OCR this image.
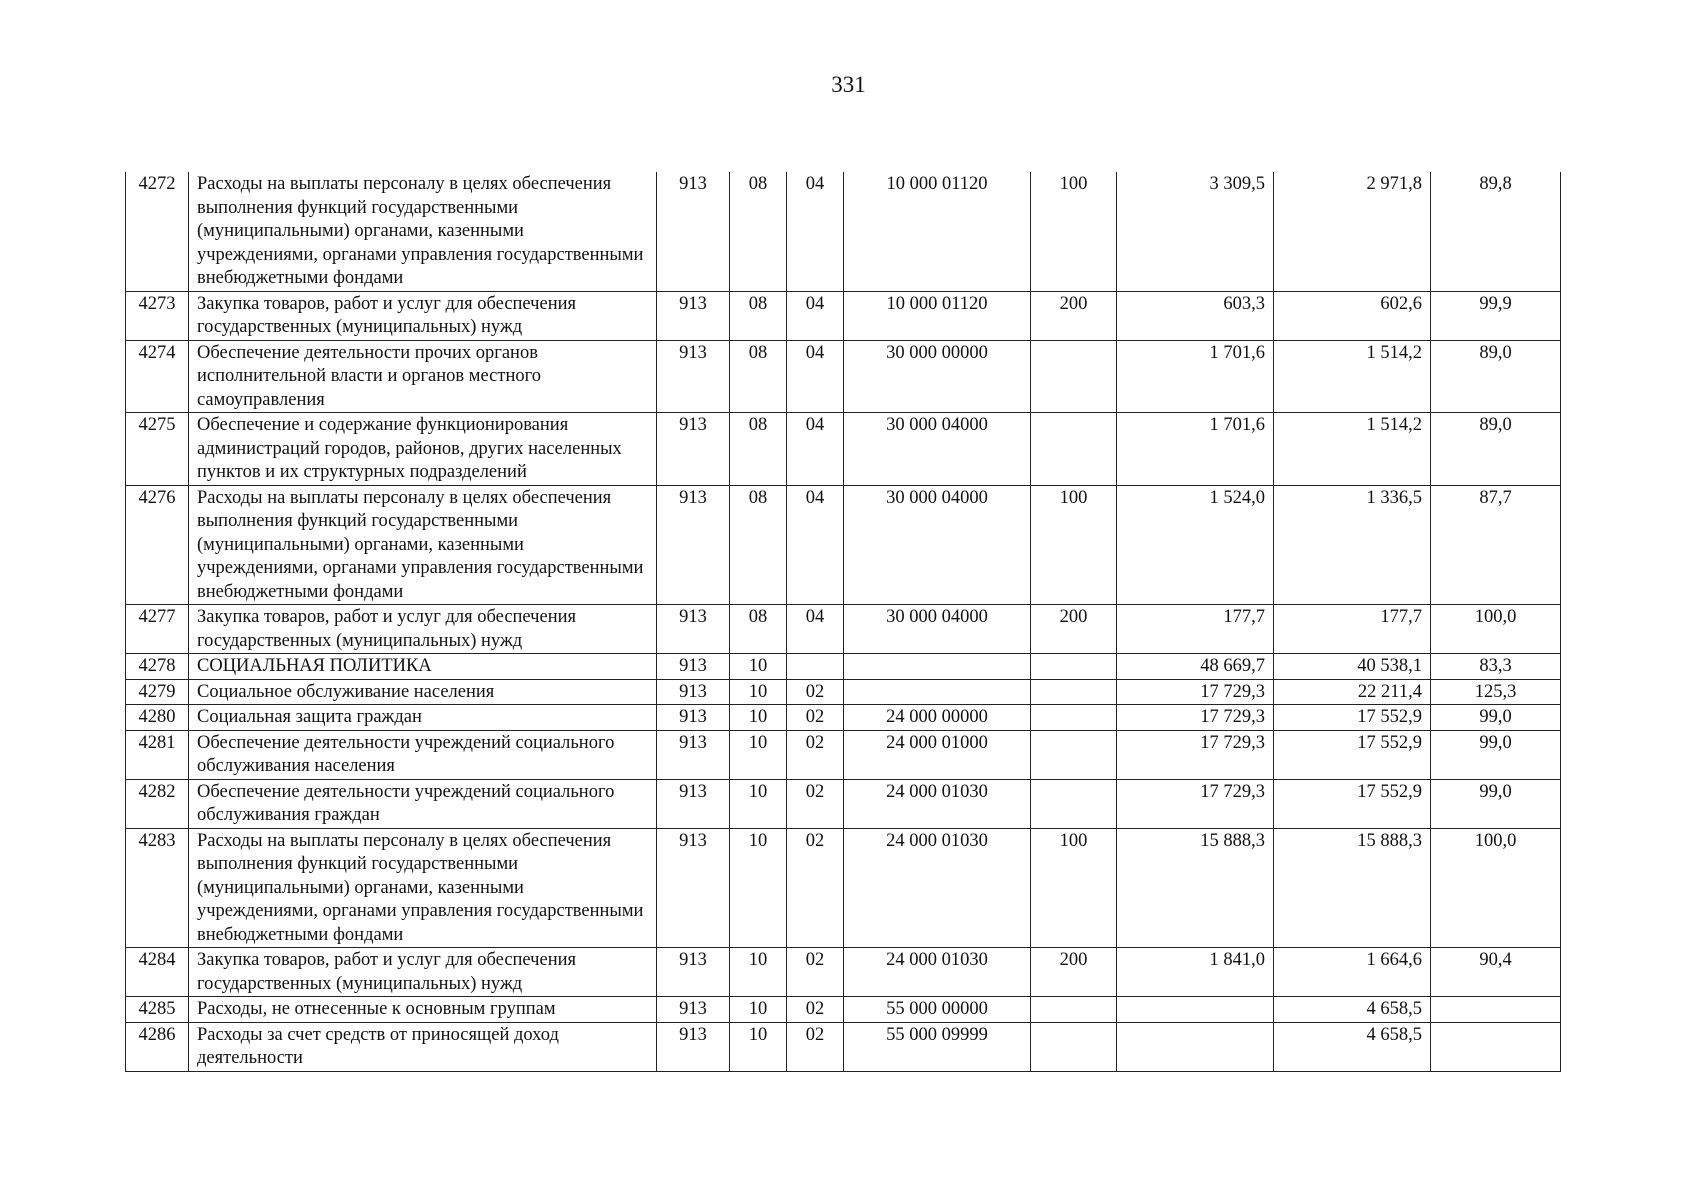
331
4272	Расходы на выплаты персоналу в целях обеспечения выполнения функций государственными (муниципальными) органами, казенными учреждениями, органами управления государственными внебюджетными фондами	913	08	04	10 000 01120	100	3 309,5	2 971,8	89,8
4273	Закупка товаров, работ и услуг для обеспечения государственных (муниципальных) нужд	913	08	04	10 000 01120	200	603,3	602,6	99,9
4274	Обеспечение деятельности прочих органов исполнительной власти и органов местного самоуправления	913	08	04	30 000 00000		1 701,6	1 514,2	89,0
4275	Обеспечение и содержание функционирования администраций городов, районов, других населенных пунктов и их структурных подразделений	913	08	04	30 000 04000		1 701,6	1 514,2	89,0
4276	Расходы на выплаты персоналу в целях обеспечения выполнения функций государственными (муниципальными) органами, казенными учреждениями, органами управления государственными внебюджетными фондами	913	08	04	30 000 04000	100	1 524,0	1 336,5	87,7
4277	Закупка товаров, работ и услуг для обеспечения государственных (муниципальных) нужд	913	08	04	30 000 04000	200	177,7	177,7	100,0
4278	СОЦИАЛЬНАЯ ПОЛИТИКА	913	10				48 669,7	40 538,1	83,3
4279	Социальное обслуживание населения	913	10	02			17 729,3	22 211,4	125,3
4280	Социальная защита граждан	913	10	02	24 000 00000		17 729,3	17 552,9	99,0
4281	Обеспечение деятельности учреждений социального обслуживания населения	913	10	02	24 000 01000		17 729,3	17 552,9	99,0
4282	Обеспечение деятельности учреждений социального обслуживания граждан	913	10	02	24 000 01030		17 729,3	17 552,9	99,0
4283	Расходы на выплаты персоналу в целях обеспечения выполнения функций государственными (муниципальными) органами, казенными учреждениями, органами управления государственными внебюджетными фондами	913	10	02	24 000 01030	100	15 888,3	15 888,3	100,0
4284	Закупка товаров, работ и услуг для обеспечения государственных (муниципальных) нужд	913	10	02	24 000 01030	200	1 841,0	1 664,6	90,4
4285	Расходы, не отнесенные к основным группам	913	10	02	55 000 00000			4 658,5	
4286	Расходы за счет средств от приносящей доход деятельности	913	10	02	55 000 09999			4 658,5	
